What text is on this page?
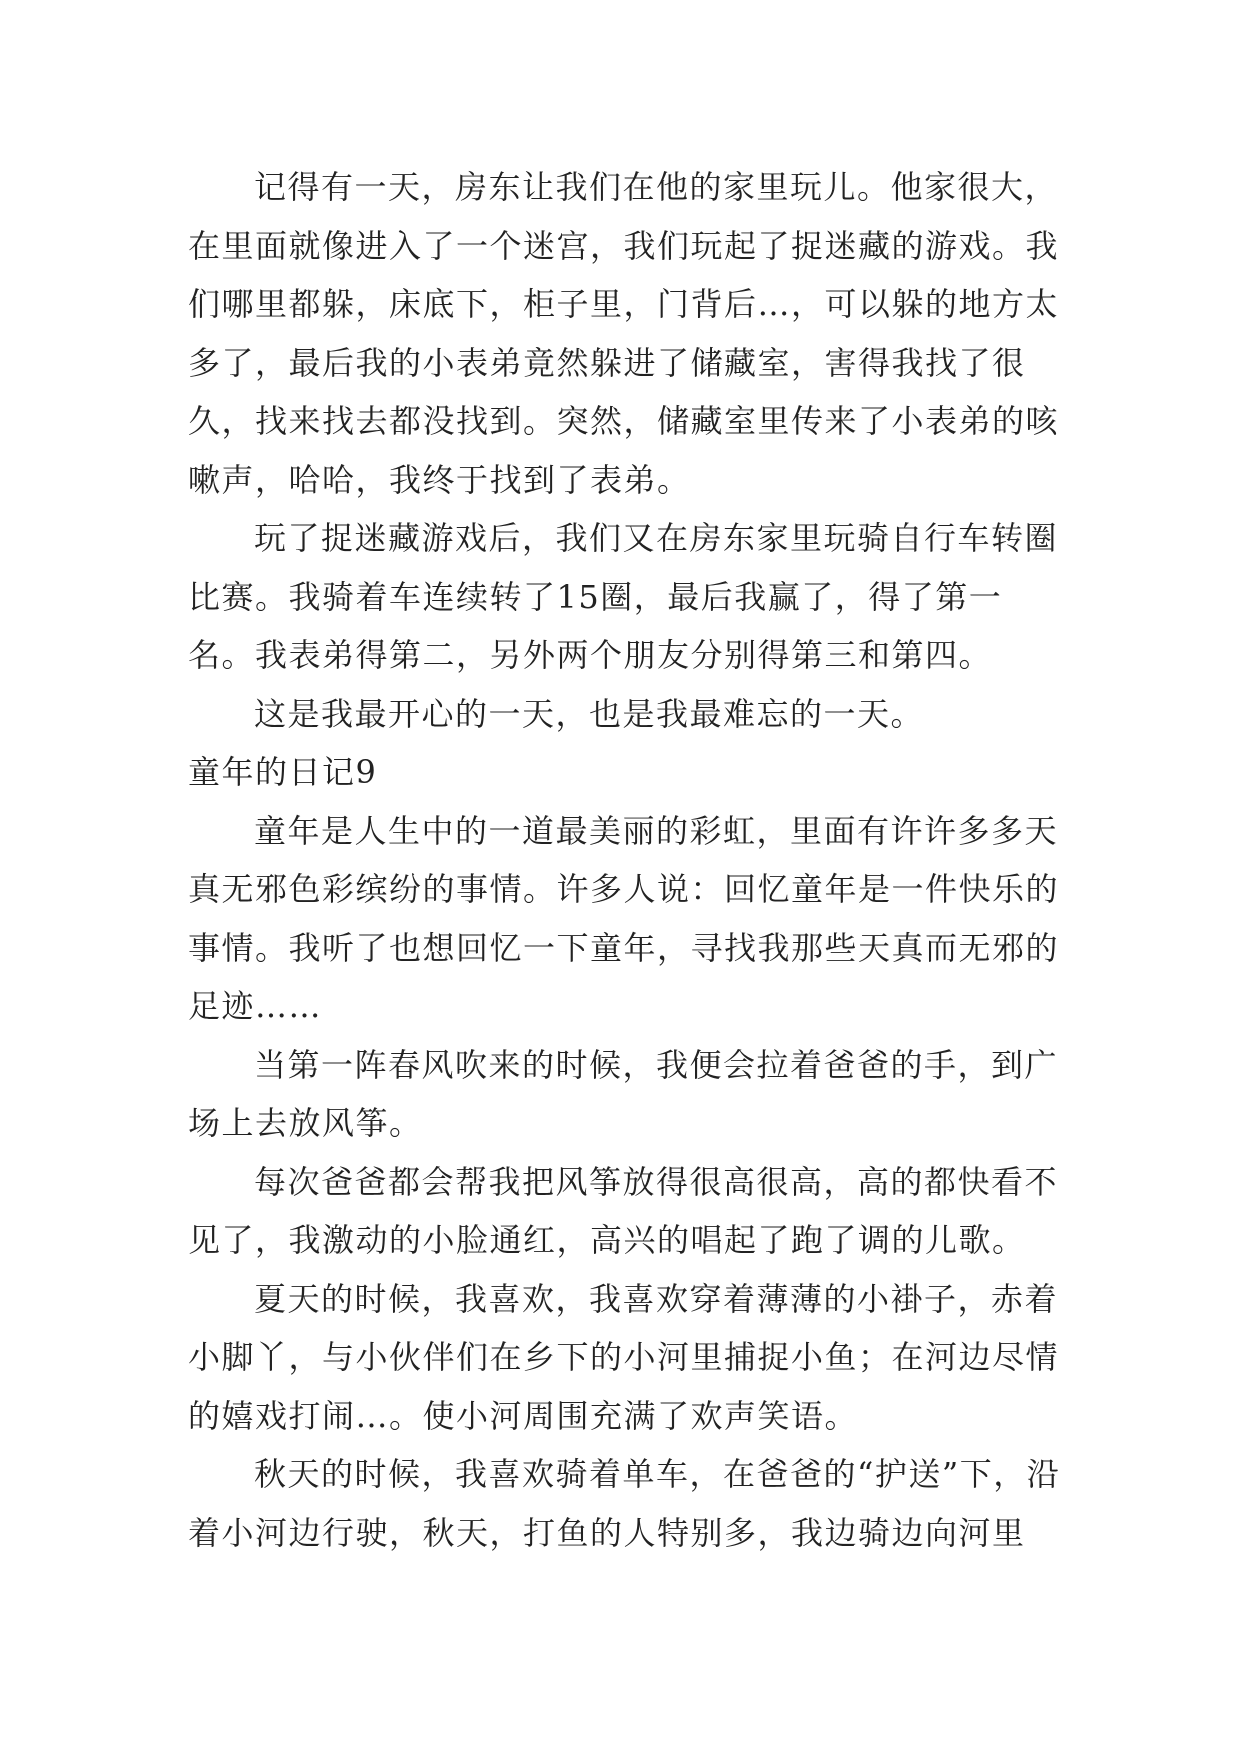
记得有一天，房东让我们在他的家里玩儿。他家很大，在里面就像进入了一个迷宫，我们玩起了捉迷藏的游戏。我们哪里都躲，床底下，柜子里，门背后…，可以躲的地方太多了，最后我的小表弟竟然躲进了储藏室，害得我找了很久，找来找去都没找到。突然，储藏室里传来了小表弟的咳嗽声，哈哈，我终于找到了表弟。

玩了捉迷藏游戏后，我们又在房东家里玩骑自行车转圈比赛。我骑着车连续转了15圈，最后我赢了，得了第一名。我表弟得第二，另外两个朋友分别得第三和第四。

这是我最开心的一天，也是我最难忘的一天。

童年的日记9

童年是人生中的一道最美丽的彩虹，里面有许许多多天真无邪色彩缤纷的事情。许多人说：回忆童年是一件快乐的事情。我听了也想回忆一下童年，寻找我那些天真而无邪的足迹……

当第一阵春风吹来的时候，我便会拉着爸爸的手，到广场上去放风筝。

每次爸爸都会帮我把风筝放得很高很高，高的都快看不见了，我激动的小脸通红，高兴的唱起了跑了调的儿歌。

夏天的时候，我喜欢，我喜欢穿着薄薄的小褂子，赤着小脚丫，与小伙伴们在乡下的小河里捕捉小鱼；在河边尽情的嬉戏打闹…。使小河周围充满了欢声笑语。

秋天的时候，我喜欢骑着单车，在爸爸的“护送”下，沿着小河边行驶，秋天，打鱼的人特别多，我边骑边向河里
